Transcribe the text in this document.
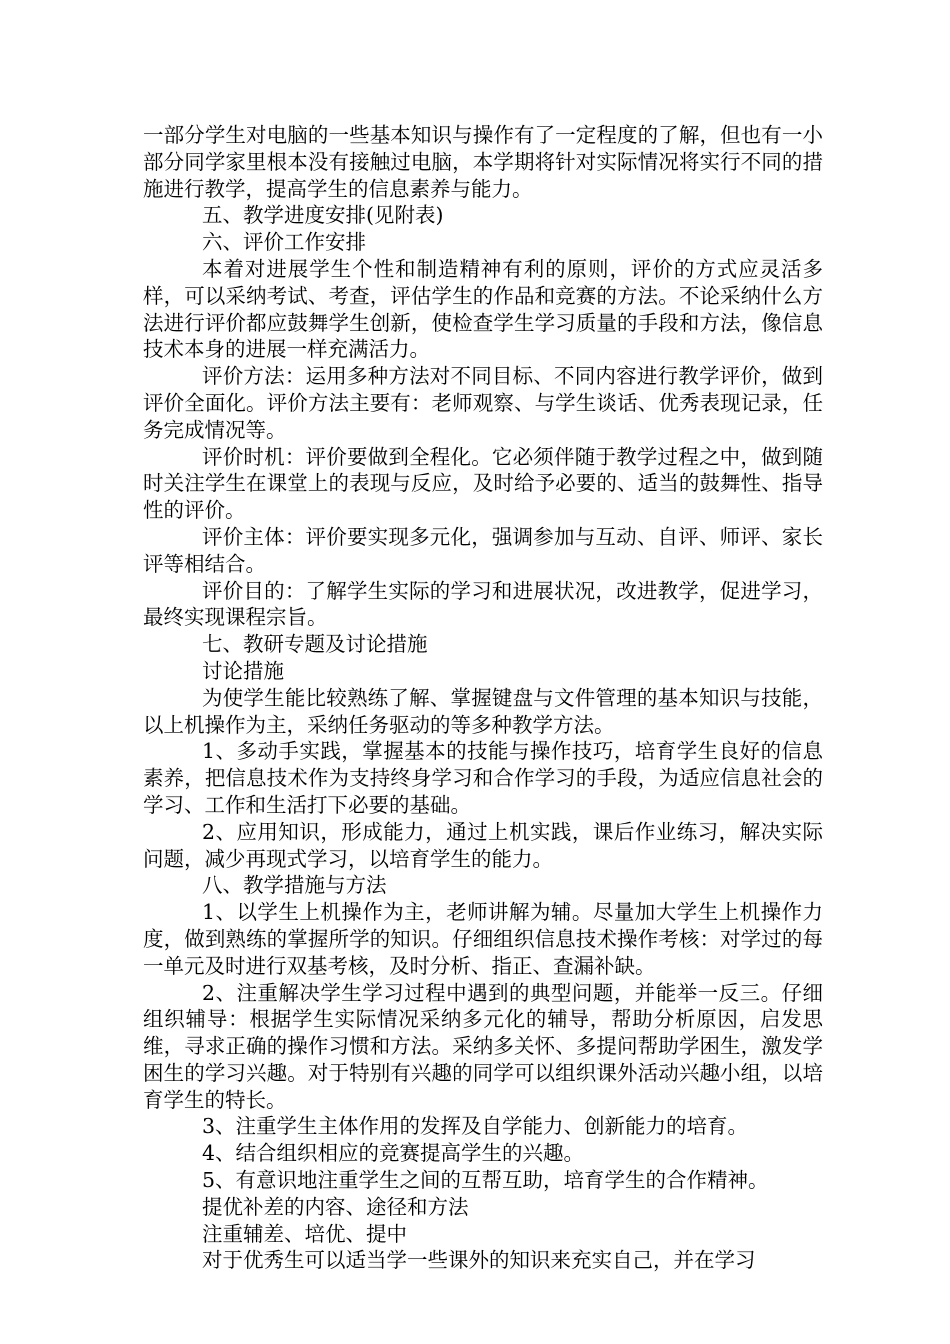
一部分学生对电脑的一些基本知识与操作有了一定程度的了解，但也有一小部分同学家里根本没有接触过电脑，本学期将针对实际情况将实行不同的措施进行教学，提高学生的信息素养与能力。

五、教学进度安排(见附表)

六、评价工作安排

本着对进展学生个性和制造精神有利的原则，评价的方式应灵活多样，可以采纳考试、考查，评估学生的作品和竞赛的方法。不论采纳什么方法进行评价都应鼓舞学生创新，使检查学生学习质量的手段和方法，像信息技术本身的进展一样充满活力。

评价方法：运用多种方法对不同目标、不同内容进行教学评价，做到评价全面化。评价方法主要有：老师观察、与学生谈话、优秀表现记录，任务完成情况等。

评价时机：评价要做到全程化。它必须伴随于教学过程之中，做到随时关注学生在课堂上的表现与反应，及时给予必要的、适当的鼓舞性、指导性的评价。

评价主体：评价要实现多元化，强调参加与互动、自评、师评、家长评等相结合。

评价目的：了解学生实际的学习和进展状况，改进教学，促进学习，最终实现课程宗旨。

七、教研专题及讨论措施

讨论措施

为使学生能比较熟练了解、掌握键盘与文件管理的基本知识与技能，以上机操作为主，采纳任务驱动的等多种教学方法。

1、多动手实践，掌握基本的技能与操作技巧，培育学生良好的信息素养，把信息技术作为支持终身学习和合作学习的手段，为适应信息社会的学习、工作和生活打下必要的基础。

2、应用知识，形成能力，通过上机实践，课后作业练习，解决实际问题，减少再现式学习，以培育学生的能力。

八、教学措施与方法

1、以学生上机操作为主，老师讲解为辅。尽量加大学生上机操作力度，做到熟练的掌握所学的知识。仔细组织信息技术操作考核：对学过的每一单元及时进行双基考核，及时分析、指正、查漏补缺。

2、注重解决学生学习过程中遇到的典型问题，并能举一反三。仔细组织辅导：根据学生实际情况采纳多元化的辅导，帮助分析原因，启发思维，寻求正确的操作习惯和方法。采纳多关怀、多提问帮助学困生，激发学困生的学习兴趣。对于特别有兴趣的同学可以组织课外活动兴趣小组，以培育学生的特长。

3、注重学生主体作用的发挥及自学能力、创新能力的培育。

4、结合组织相应的竞赛提高学生的兴趣。

5、有意识地注重学生之间的互帮互助，培育学生的合作精神。

提优补差的内容、途径和方法

注重辅差、培优、提中

对于优秀生可以适当学一些课外的知识来充实自己，并在学习
